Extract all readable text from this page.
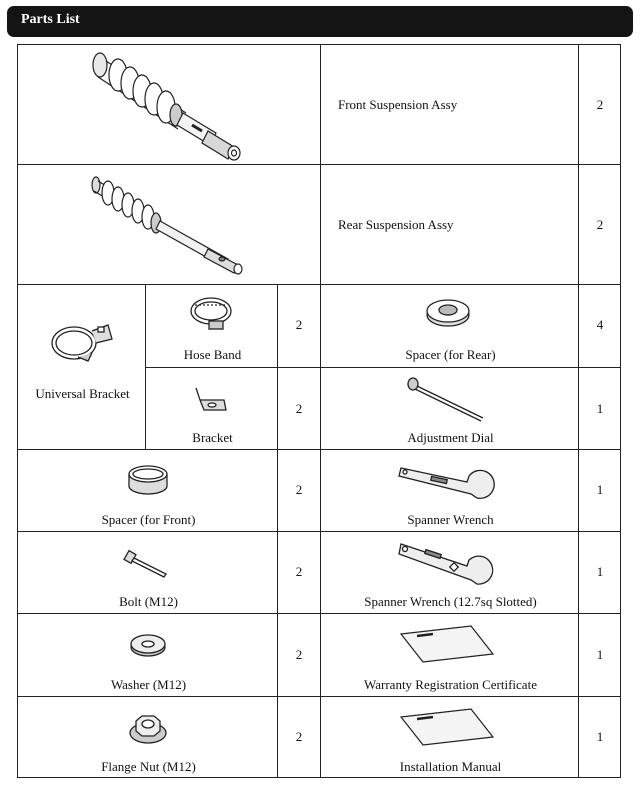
Parts List
Front Suspension Assy	2
Rear Suspension Assy	2
Universal Bracket
Hose Band
2
Bracket
2
Spacer (for Rear)
4
Adjustment Dial
1
Spacer (for Front)
2
Spanner Wrench
1
Bolt (M12)
2
Spanner Wrench (12.7sq Slotted)
1
Washer (M12)
2
Warranty Registration Certificate
1
Flange Nut (M12)
2
Installation Manual
1
